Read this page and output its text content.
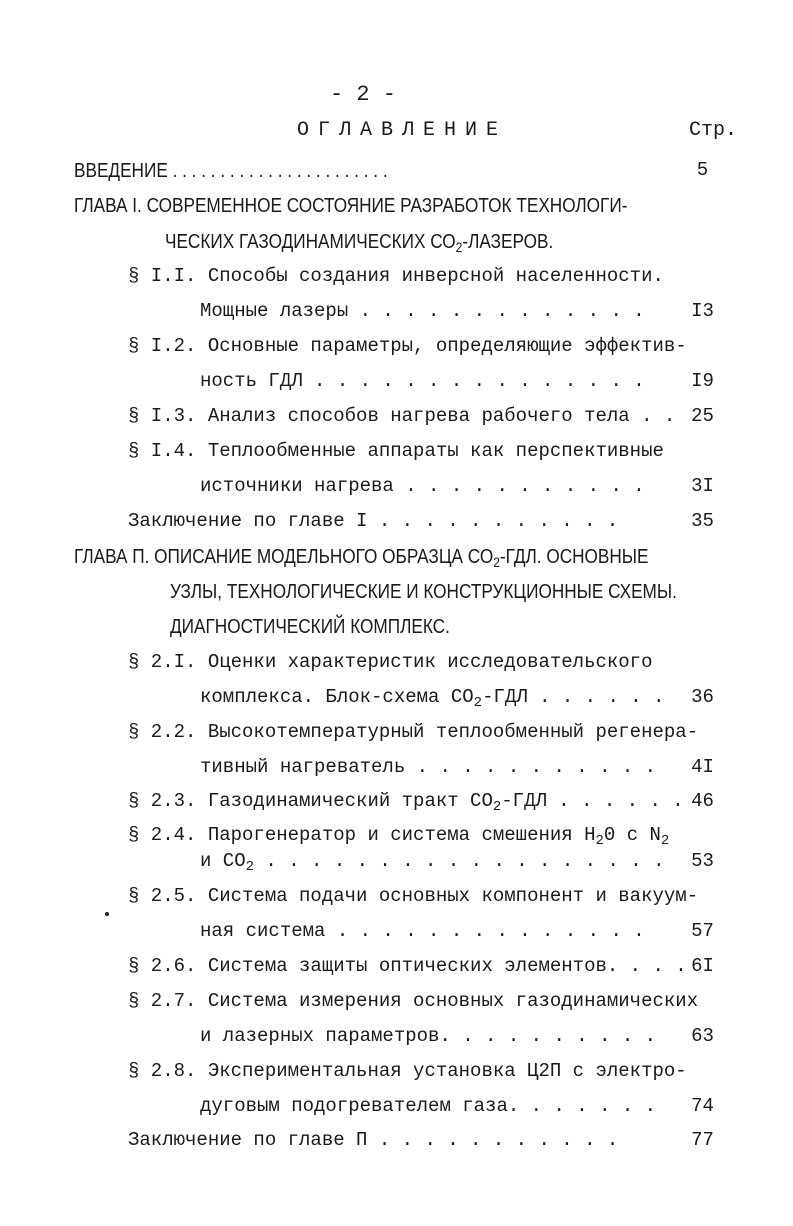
- 2 -
ОГЛАВЛЕНИЕ	Стр.
ВВЕДЕНИЕ . . . . . . . . . . . . . . . . . . . . . . .	5
ГЛАВА I. СОВРЕМЕННОЕ СОСТОЯНИЕ РАЗРАБОТОК ТЕХНОЛОГИ-
ЧЕСКИХ ГАЗОДИНАМИЧЕСКИХ $СО_2$-ЛАЗЕРОВ.
§ I.I. Способы создания инверсной населенности.
Мощные лазеры . . . . . . . . . . . . .	I3
§ I.2. Основные параметры, определяющие эффектив-
ность ГДЛ . . . . . . . . . . . . . . .	I9
§ I.3. Анализ способов нагрева рабочего тела . . 25
§ I.4. Теплообменные аппараты как перспективные
источники нагрева . . . . . . . . . . .	3I
Заключение по главе I . . . . . . . . . . .	35
ГЛАВА П. ОПИСАНИЕ МОДЕЛЬНОГО ОБРАЗЦА $СО_2$-ГДЛ. ОСНОВНЫЕ
УЗЛЫ, ТЕХНОЛОГИЧЕСКИЕ И КОНСТРУКЦИОННЫЕ СХЕМЫ.
ДИАГНОСТИЧЕСКИЙ КОМПЛЕКС.
§ 2.I. Оценки характеристик исследовательского
комплекса. Блок-схема $СО_2$-ГДЛ . . . . . .	36
§ 2.2. Высокотемпературный теплообменный регенера-
тивный нагреватель . . . . . . . . . . .	4I
§ 2.3. Газодинамический тракт $СО_2$-ГДЛ . . . . . . 46
§ 2.4. Парогенератор и система смешения $Н_20$ с $N_2$
и $СО_2$ . . . . . . . . . . . . . . . . . .	53
§ 2.5. Система подачи основных компонент и вакуум-
ная система . . . . . . . . . . . . . .	57
§ 2.6. Система защиты оптических элементов. . . . 6I
§ 2.7. Система измерения основных газодинамических
и лазерных параметров. . . . . . . . . .	63
§ 2.8. Экспериментальная установка Ц2П с электро-
дуговым подогревателем газа. . . . . . .	74
Заключение по главе П . . . . . . . . . . .	77
